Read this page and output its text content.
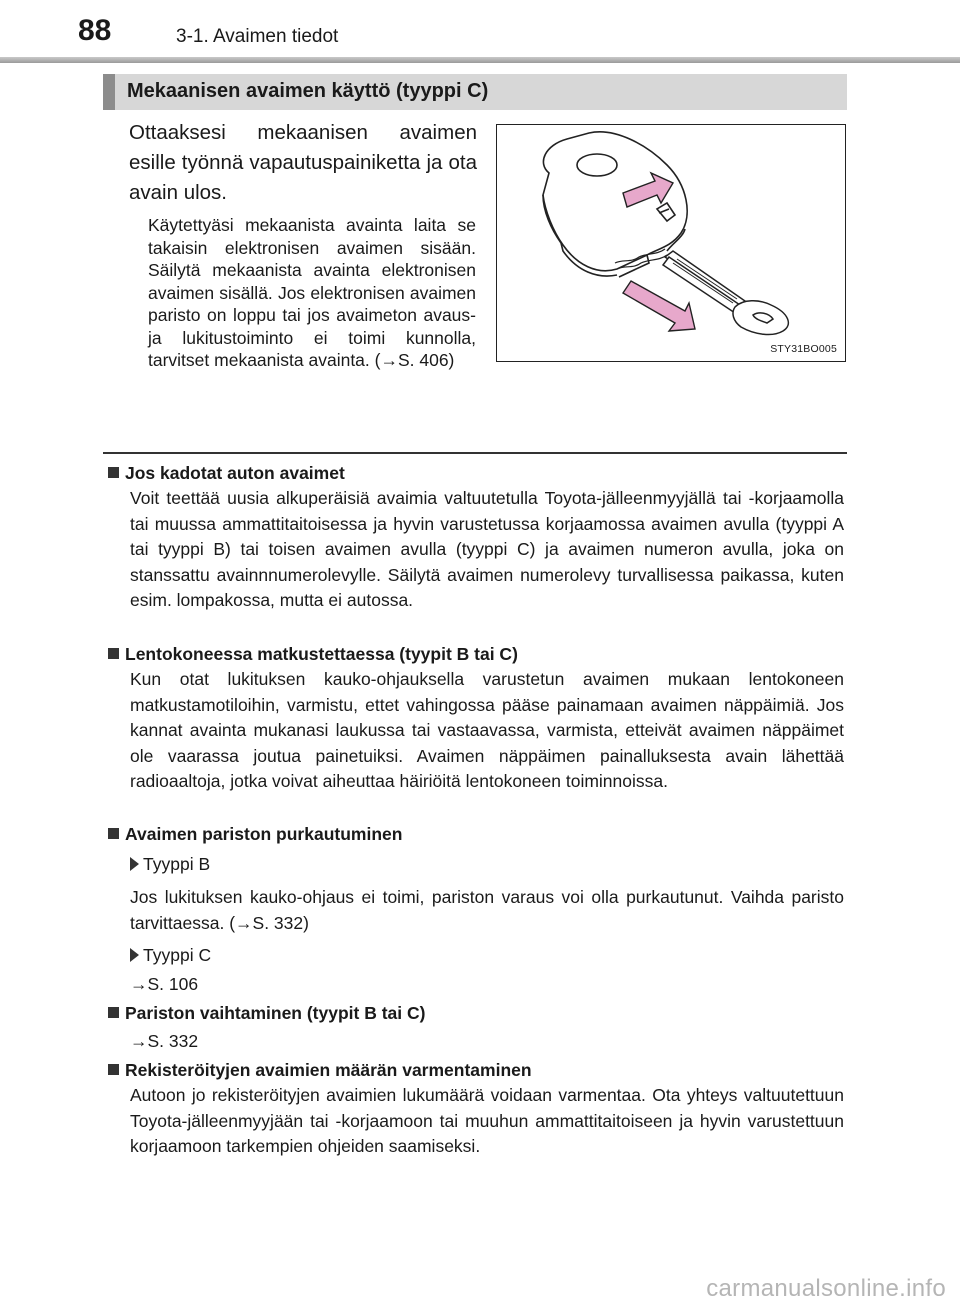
88	3-1. Avaimen tiedot
Mekaanisen avaimen käyttö (tyyppi C)
Ottaaksesi mekaanisen avaimen esille työnnä vapautuspainiketta ja ota avain ulos.
Käytettyäsi mekaanista avainta laita se takaisin elektronisen avaimen sisään. Säilytä mekaanista avainta elektronisen avaimen sisällä. Jos elektronisen avaimen paristo on loppu tai jos avaimeton avaus- ja lukitustoiminto ei toimi kunnolla, tarvitset mekaanista avainta. (→S. 406)
STY31BO005
Jos kadotat auton avaimet
Voit teettää uusia alkuperäisiä avaimia valtuutetulla Toyota-jälleenmyyjällä tai -korjaamolla tai muussa ammattitaitoisessa ja hyvin varustetussa korjaamossa avaimen avulla (tyyppi A tai tyyppi B) tai toisen avaimen avulla (tyyppi C) ja avaimen numeron avulla, joka on stanssattu avainnnumerolevylle. Säilytä avaimen numerolevy turvallisessa paikassa, kuten esim. lompakossa, mutta ei autossa.
Lentokoneessa matkustettaessa (tyypit B tai C)
Kun otat lukituksen kauko-ohjauksella varustetun avaimen mukaan lentokoneen matkustamotiloihin, varmistu, ettet vahingossa pääse painamaan avaimen näppäimiä. Jos kannat avainta mukanasi laukussa tai vastaavassa, varmista, etteivät avaimen näppäimet ole vaarassa joutua painetuiksi. Avaimen näppäimen painalluksesta avain lähettää radioaaltoja, jotka voivat aiheuttaa häiriöitä lentokoneen toiminnoissa.
Avaimen pariston purkautuminen
Tyyppi B
Jos lukituksen kauko-ohjaus ei toimi, pariston varaus voi olla purkautunut. Vaihda paristo tarvittaessa. (→S. 332)
Tyyppi C
→S. 106
Pariston vaihtaminen (tyypit B tai C)
→S. 332
Rekisteröityjen avaimien määrän varmentaminen
Autoon jo rekisteröityjen avaimien lukumäärä voidaan varmentaa. Ota yhteys valtuutettuun Toyota-jälleenmyyjään tai -korjaamoon tai muuhun ammattitaitoiseen ja hyvin varustettuun korjaamoon tarkempien ohjeiden saamiseksi.
carmanualsonline.info
